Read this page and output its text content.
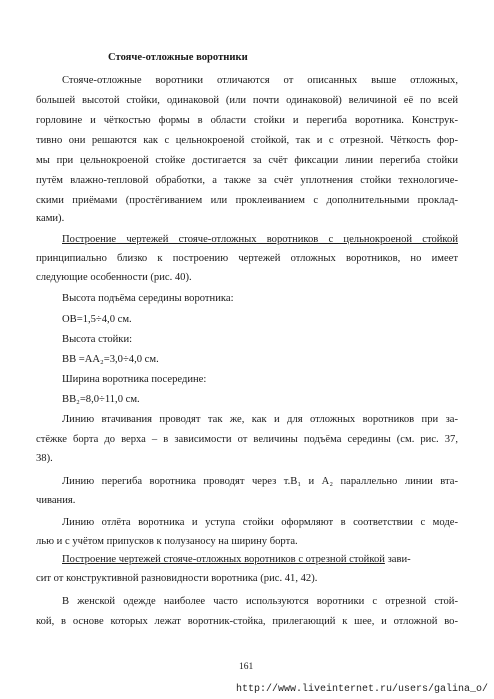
Стояче-отложные воротники
Стояче-отложные воротники отличаются от описанных выше отложных,
большей высотой стойки, одинаковой (или почти одинаковой) величиной её по всей
горловине и чёткостью формы в области стойки и перегиба воротника. Конструк-
тивно они решаются как с цельнокроеной стойкой, так и с отрезной. Чёткость фор-
мы при цельнокроеной стойке достигается за счёт фиксации линии перегиба стойки
путём влажно-тепловой обработки, а также за счёт уплотнения стойки технологиче-
скими приёмами (простёгиванием или проклеиванием с дополнительными проклад-
ками).
Построение чертежей стояче-отложных воротников с цельнокроеной стойкой
принципиально близко к построению чертежей отложных воротников, но имеет
следующие особенности (рис. 40).
Высота подъёма середины воротника:
ОВ=1,5÷4,0 см.
Высота стойки:
ВВ =АА₂=3,0÷4,0 см.
Ширина воротника посередине:
ВВ₂=8,0÷11,0 см.
Линию втачивания проводят так же, как и для отложных воротников при за-
стёжке борта до верха – в зависимости от величины подъёма середины (см. рис. 37,
38).
Линию перегиба воротника проводят через т.В₁ и А₂ параллельно линии вта-
чивания.
Линию отлёта воротника и уступа стойки оформляют в соответствии с моде-
лью и с учётом припусков к полузаносу на ширину борта.
Построение чертежей стояче-отложных воротников с отрезной стойкой зави-
сит от конструктивной разновидности воротника (рис. 41, 42).
В женской одежде наиболее часто используются воротники с отрезной стой-
кой, в основе которых лежат воротник-стойка, прилегающий к шее, и отложной во-
161
http://www.liveinternet.ru/users/galina_o/
